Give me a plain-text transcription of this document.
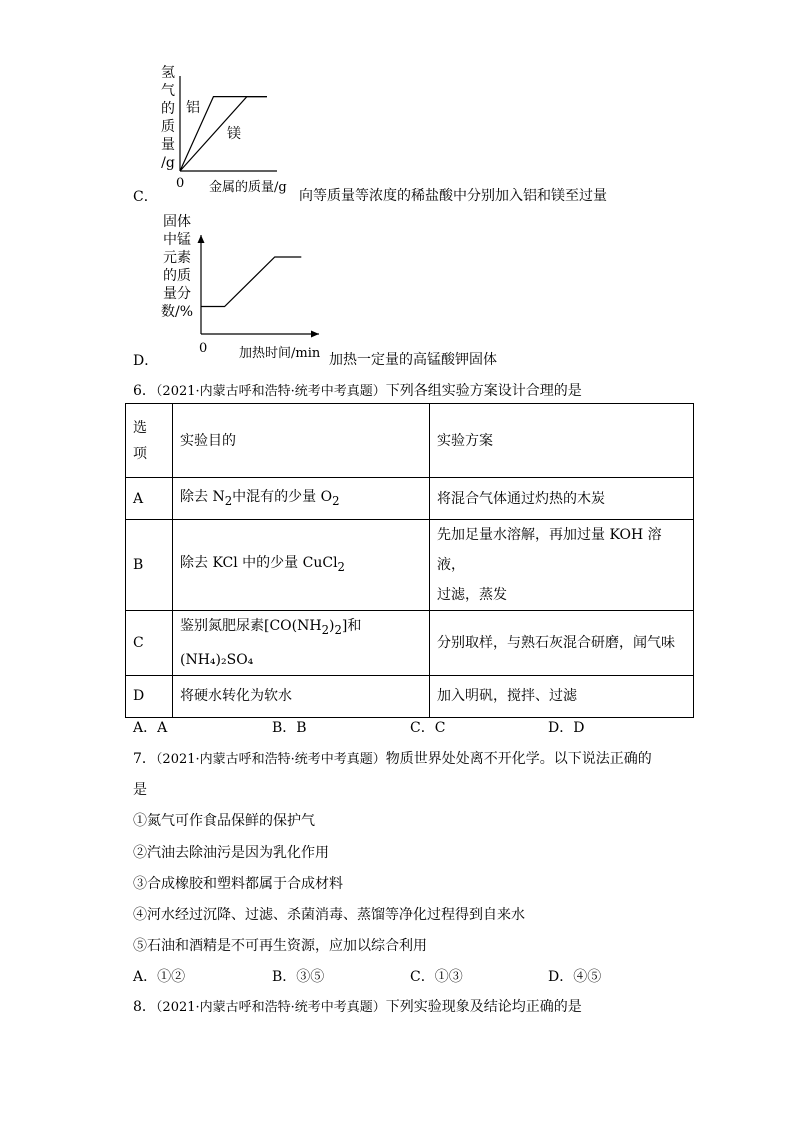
氢
气
的
质
量
/g
铝
镁
0 金属的质量/g
C．	向等质量等浓度的稀盐酸中分别加入铝和镁至过量
固体
中锰
元素
的质
量分
数/%
0 加热时间/min
D．	加热一定量的高锰酸钾固体
6．（2021·内蒙古呼和浩特·统考中考真题）下列各组实验方案设计合理的是
选
项	实验目的	实验方案
A	除去 $N_2$中混有的少量 $O_2$	将混合气体通过灼热的木炭
B	除去 KCl 中的少量 CuCl$_2$	先加足量水溶解，再加过量 KOH 溶液，
过滤，蒸发

C	鉴别氮肥尿素$[CO(NH_2)_2]$和(NH₄)₂SO₄	分别取样，与熟石灰混合研磨，闻气味
D	将硬水转化为软水	加入明矾，搅拌、过滤
A．A	B．B	C．C	D．D
7．（2021·内蒙古呼和浩特·统考中考真题）物质世界处处离不开化学。以下说法正确的
是
①氮气可作食品保鲜的保护气
②汽油去除油污是因为乳化作用
③合成橡胶和塑料都属于合成材料
④河水经过沉降、过滤、杀菌消毒、蒸馏等净化过程得到自来水
⑤石油和酒精是不可再生资源，应加以综合利用
A．①②	B．③⑤	C．①③	D．④⑤
8．（2021·内蒙古呼和浩特·统考中考真题）下列实验现象及结论均正确的是
